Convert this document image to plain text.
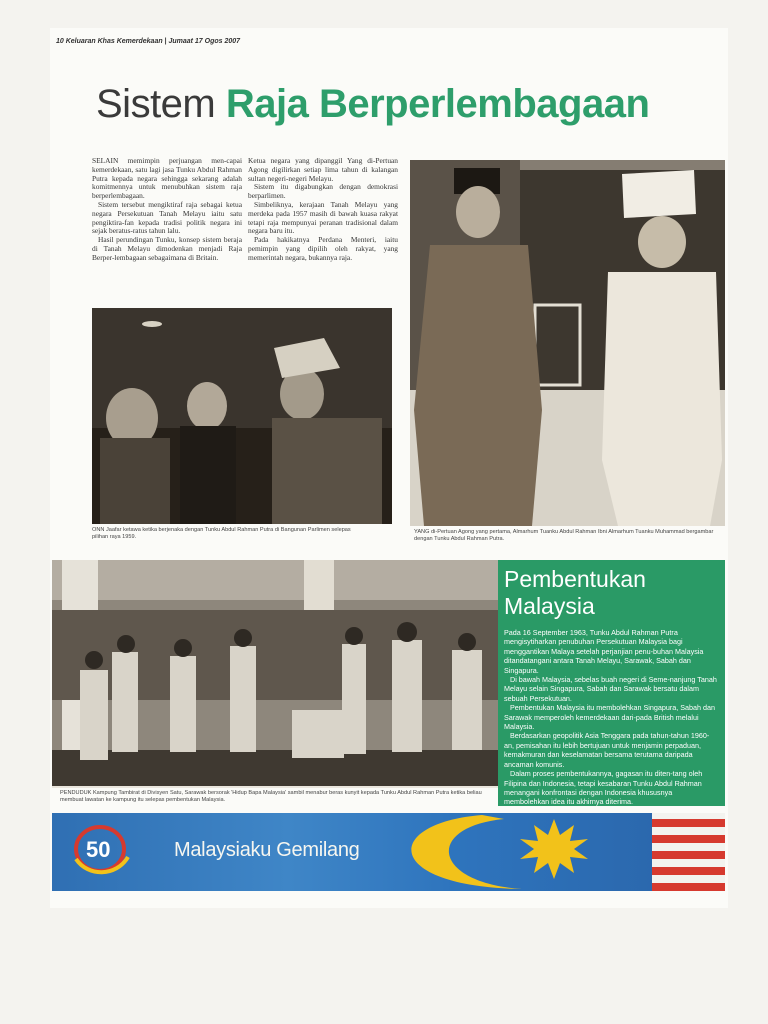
10 Keluaran Khas Kemerdekaan | Jumaat 17 Ogos 2007
Sistem Raja Berperlembagaan

SELAIN memimpin perjuangan men-capai kemerdekaan, satu lagi jasa Tunku Abdul Rahman Putra kepada negara sehingga sekarang adalah komitmennya untuk menubuhkan sistem raja berperlembagaan.

Sistem tersebut mengiktiraf raja sebagai ketua negara Persekutuan Tanah Melayu iaitu satu pengiktira-fan kepada tradisi politik negara ini sejak beratus-ratus tahun lalu.

Hasil perundingan Tunku, konsep sistem beraja di Tanah Melayu dimodenkan menjadi Raja Berper-lembagaan sebagaimana di Britain.

Ketua negara yang dipanggil Yang di-Pertuan Agong digilirkan setiap lima tahun di kalangan sultan negeri-negeri Melayu.

Sistem itu digabungkan dengan demokrasi berparlimen.

Simbeliknya, kerajaan Tanah Melayu yang merdeka pada 1957 masih di bawah kuasa rakyat tetapi raja mempunyai peranan tradisional dalam negara baru itu.

Pada hakikatnya Perdana Menteri, iaitu pemimpin yang dipilih oleh rakyat, yang memerintah negara, bukannya raja.

ONN Jaafar ketawa ketika berjenaka dengan Tunku Abdul Rahman Putra di Bangunan Parlimen selepas pilihan raya 1959.
YANG di-Pertuan Agong yang pertama, Almarhum Tuanku Abdul Rahman Ibni Almarhum Tuanku Muhammad bergambar dengan Tunku Abdul Rahman Putra.
PENDUDUK Kampung Tambirat di Divisyen Satu, Sarawak bersorak 'Hidup Bapa Malaysia' sambil menabur beras kunyit kepada Tunku Abdul Rahman Putra ketika beliau membuat lawatan ke kampung itu selepas pembentukan Malaysia.
Pembentukan Malaysia

Pada 16 September 1963, Tunku Abdul Rahman Putra mengisytiharkan penubuhan Persekutuan Malaysia bagi menggantikan Malaya setelah perjanjian penu-buhan Malaysia ditandatangani antara Tanah Melayu, Sarawak, Sabah dan Singapura.

Di bawah Malaysia, sebelas buah negeri di Seme-nanjung Tanah Melayu selain Singapura, Sabah dan Sarawak bersatu dalam sebuah Persekutuan.

Pembentukan Malaysia itu membolehkan Singapura, Sabah dan Sarawak memperoleh kemerdekaan dari-pada British melalui Malaysia.

Berdasarkan geopolitik Asia Tenggara pada tahun-tahun 1960-an, pemisahan itu lebih bertujuan untuk menjamin perpaduan, kemakmuran dan keselamatan bersama terutama daripada ancaman komunis.

Dalam proses pembentukannya, gagasan itu diten-tang oleh Filipina dan Indonesia, tetapi kesabaran Tunku Abdul Rahman menangani konfrontasi dengan Indonesia khususnya membolehkan idea itu akhirnya diterima.

50	Malaysiaku Gemilang
